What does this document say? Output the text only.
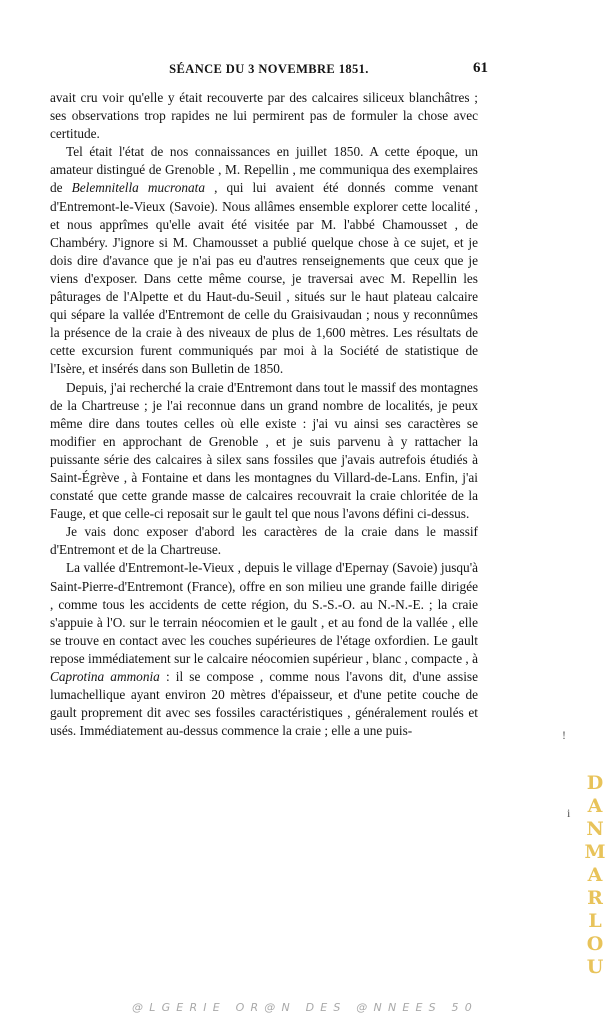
SÉANCE DU 3 NOVEMBRE 1851.	61

avait cru voir qu'elle y était recouverte par des calcaires siliceux blanchâtres ; ses observations trop rapides ne lui permirent pas de formuler la chose avec certitude.

Tel était l'état de nos connaissances en juillet 1850. A cette époque, un amateur distingué de Grenoble , M. Repellin , me communiqua des exemplaires de Belemnitella mucronata , qui lui avaient été donnés comme venant d'Entremont-le-Vieux (Savoie). Nous allâmes ensemble explorer cette localité , et nous apprîmes qu'elle avait été visitée par M. l'abbé Chamousset , de Chambéry. J'ignore si M. Chamousset a publié quelque chose à ce sujet, et je dois dire d'avance que je n'ai pas eu d'autres renseignements que ceux que je viens d'exposer. Dans cette même course, je traversai avec M. Repellin les pâturages de l'Alpette et du Haut-du-Seuil , situés sur le haut plateau calcaire qui sépare la vallée d'Entremont de celle du Graisivaudan ; nous y reconnûmes la présence de la craie à des niveaux de plus de 1,600 mètres. Les résultats de cette excursion furent communiqués par moi à la Société de statistique de l'Isère, et insérés dans son Bulletin de 1850.

Depuis, j'ai recherché la craie d'Entremont dans tout le massif des montagnes de la Chartreuse ; je l'ai reconnue dans un grand nombre de localités, je peux même dire dans toutes celles où elle existe : j'ai vu ainsi ses caractères se modifier en approchant de Grenoble , et je suis parvenu à y rattacher la puissante série des calcaires à silex sans fossiles que j'avais autrefois étudiés à Saint-Égrève , à Fontaine et dans les montagnes du Villard-de-Lans. Enfin, j'ai constaté que cette grande masse de calcaires recouvrait la craie chloritée de la Fauge, et que celle-ci reposait sur le gault tel que nous l'avons défini ci-dessus.

Je vais donc exposer d'abord les caractères de la craie dans le massif d'Entremont et de la Chartreuse.

La vallée d'Entremont-le-Vieux , depuis le village d'Epernay (Savoie) jusqu'à Saint-Pierre-d'Entremont (France), offre en son milieu une grande faille dirigée , comme tous les accidents de cette région, du S.-S.-O. au N.-N.-E. ; la craie s'appuie à l'O. sur le terrain néocomien et le gault , et au fond de la vallée , elle se trouve en contact avec les couches supérieures de l'étage oxfordien. Le gault repose immédiatement sur le calcaire néocomien supérieur , blanc , compacte , à Caprotina ammonia : il se compose , comme nous l'avons dit, d'une assise lumachellique ayant environ 20 mètres d'épaisseur, et d'une petite couche de gault proprement dit avec ses fossiles caractéristiques , généralement roulés et usés. Immédiatement au-dessus commence la craie ; elle a une puis-	!
i
D
A
N
M
A
R
L
O
U
@LGERIE OR@N DES @NNEES 50
